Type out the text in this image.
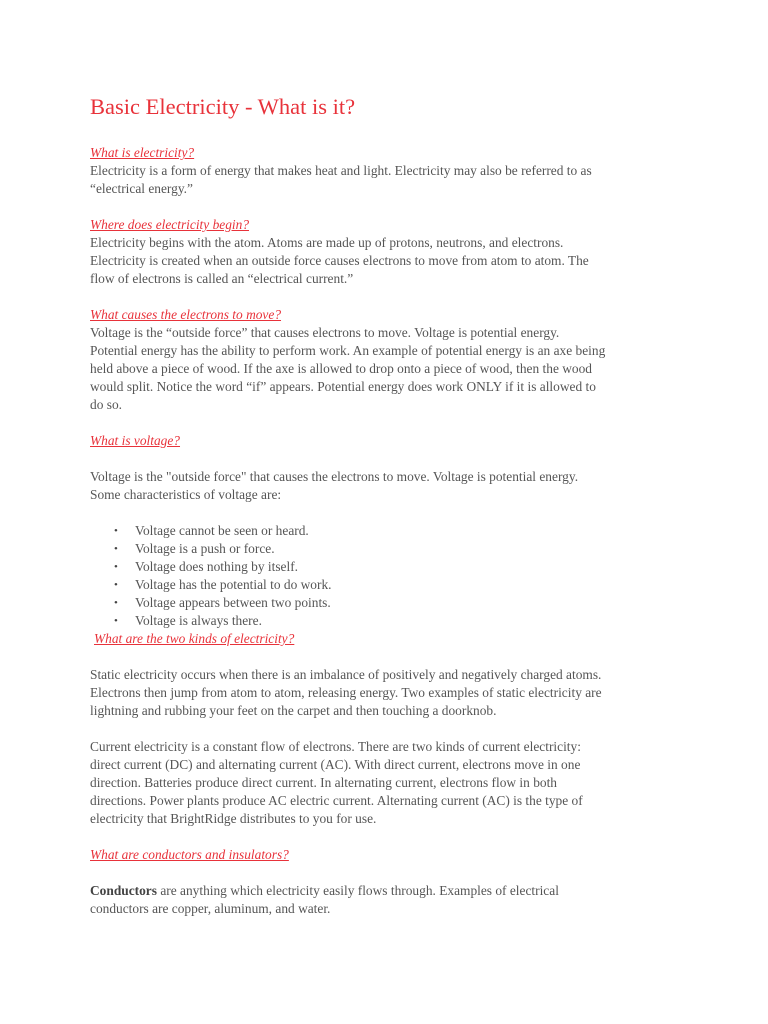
Basic Electricity - What is it?
What is electricity?

Electricity is a form of energy that makes heat and light. Electricity may also be referred to as

“electrical energy.”

Where does electricity begin?

Electricity begins with the atom. Atoms are made up of protons, neutrons, and electrons.

Electricity is created when an outside force causes electrons to move from atom to atom. The

flow of electrons is called an “electrical current.”

What causes the electrons to move?

Voltage is the “outside force” that causes electrons to move. Voltage is potential energy.

Potential energy has the ability to perform work. An example of potential energy is an axe being

held above a piece of wood. If the axe is allowed to drop onto a piece of wood, then the wood

would split. Notice the word “if” appears. Potential energy does work ONLY if it is allowed to

do so.

What is voltage?

Voltage is the "outside force" that causes the electrons to move. Voltage is potential energy.

Some characteristics of voltage are:

• Voltage cannot be seen or heard.
• Voltage is a push or force.
• Voltage does nothing by itself.
• Voltage has the potential to do work.
• Voltage appears between two points.
• Voltage is always there.
What are the two kinds of electricity?

Static electricity occurs when there is an imbalance of positively and negatively charged atoms.

Electrons then jump from atom to atom, releasing energy. Two examples of static electricity are

lightning and rubbing your feet on the carpet and then touching a doorknob.

Current electricity is a constant flow of electrons. There are two kinds of current electricity:

direct current (DC) and alternating current (AC). With direct current, electrons move in one

direction. Batteries produce direct current. In alternating current, electrons flow in both

directions. Power plants produce AC electric current. Alternating current (AC) is the type of

electricity that BrightRidge distributes to you for use.

What are conductors and insulators?

Conductors are anything which electricity easily flows through. Examples of electrical

conductors are copper, aluminum, and water.
